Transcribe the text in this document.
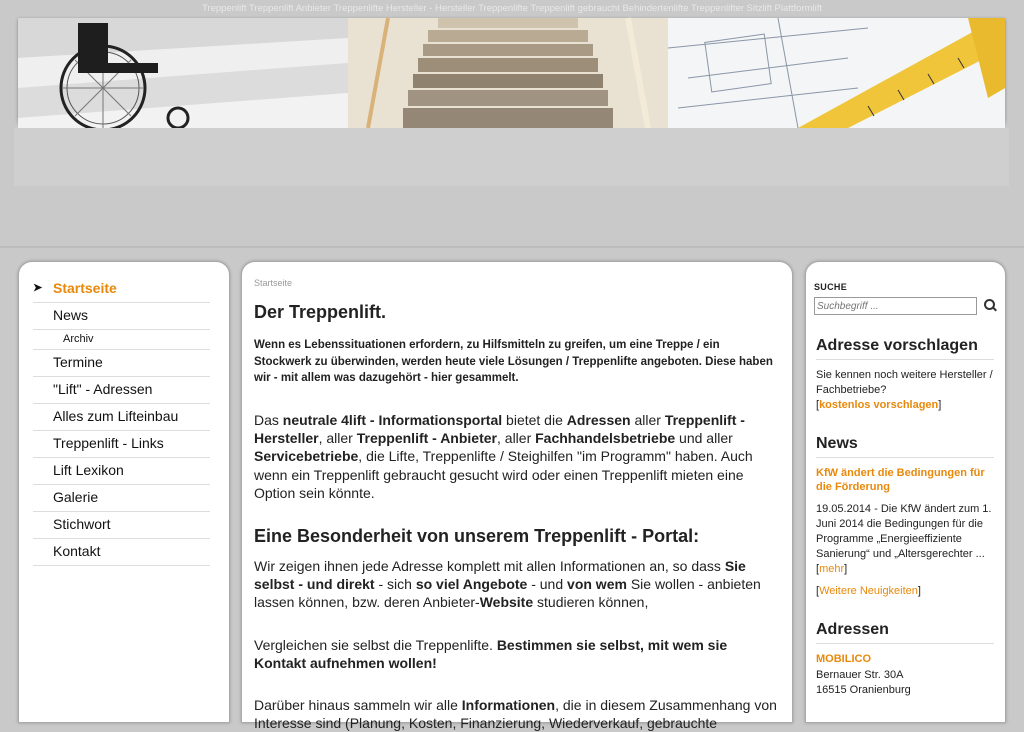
Treppenlift Treppenlift Anbieter Treppenlifte Hersteller - Hersteller Treppenlifte Treppenlift gebraucht Behindertenlifte Treppenlifter Sitzlift Plattformlift
➤ Startseite
News
Archiv
Termine
"Lift" - Adressen
Alles zum Lifteinbau
Treppenlift - Links
Lift Lexikon
Galerie
Stichwort
Kontakt
Startseite
Der Treppenlift.
Wenn es Lebenssituationen erfordern, zu Hilfsmitteln zu greifen, um eine Treppe / ein Stockwerk zu überwinden, werden heute viele Lösungen / Treppenlifte angeboten. Diese haben wir - mit allem was dazugehört - hier gesammelt.
Das neutrale 4lift - Informationsportal bietet die Adressen aller Treppenlift - Hersteller, aller Treppenlift - Anbieter, aller Fachhandelsbetriebe und aller Servicebetriebe, die Lifte, Treppenlifte / Steighilfen "im Programm" haben. Auch wenn ein Treppenlift gebraucht gesucht wird oder einen Treppenlift mieten eine Option sein könnte.
Eine Besonderheit von unserem Treppenlift - Portal:
Wir zeigen ihnen jede Adresse komplett mit allen Informationen an, so dass Sie selbst - und direkt - sich so viel Angebote - und von wem Sie wollen - anbieten lassen können, bzw. deren Anbieter-Website studieren können,
Vergleichen sie selbst die Treppenlifte. Bestimmen sie selbst, mit wem sie Kontakt aufnehmen wollen!
Darüber hinaus sammeln wir alle Informationen, die in diesem Zusammenhang von Interesse sind (Planung, Kosten, Finanzierung, Wiederverkauf, gebrauchte
SUCHE
Suchbegriff ...
Adresse vorschlagen
Sie kennen noch weitere Hersteller / Fachbetriebe?
[kostenlos vorschlagen]
News
KfW ändert die Bedingungen für die Förderung
19.05.2014 - Die KfW ändert zum 1. Juni 2014 die Bedingungen für die Programme „Energieeffiziente Sanierung“ und „Altersgerechter ... [mehr]
[Weitere Neuigkeiten]
Adressen
MOBILICO
Bernauer Str. 30A
16515 Oranienburg
